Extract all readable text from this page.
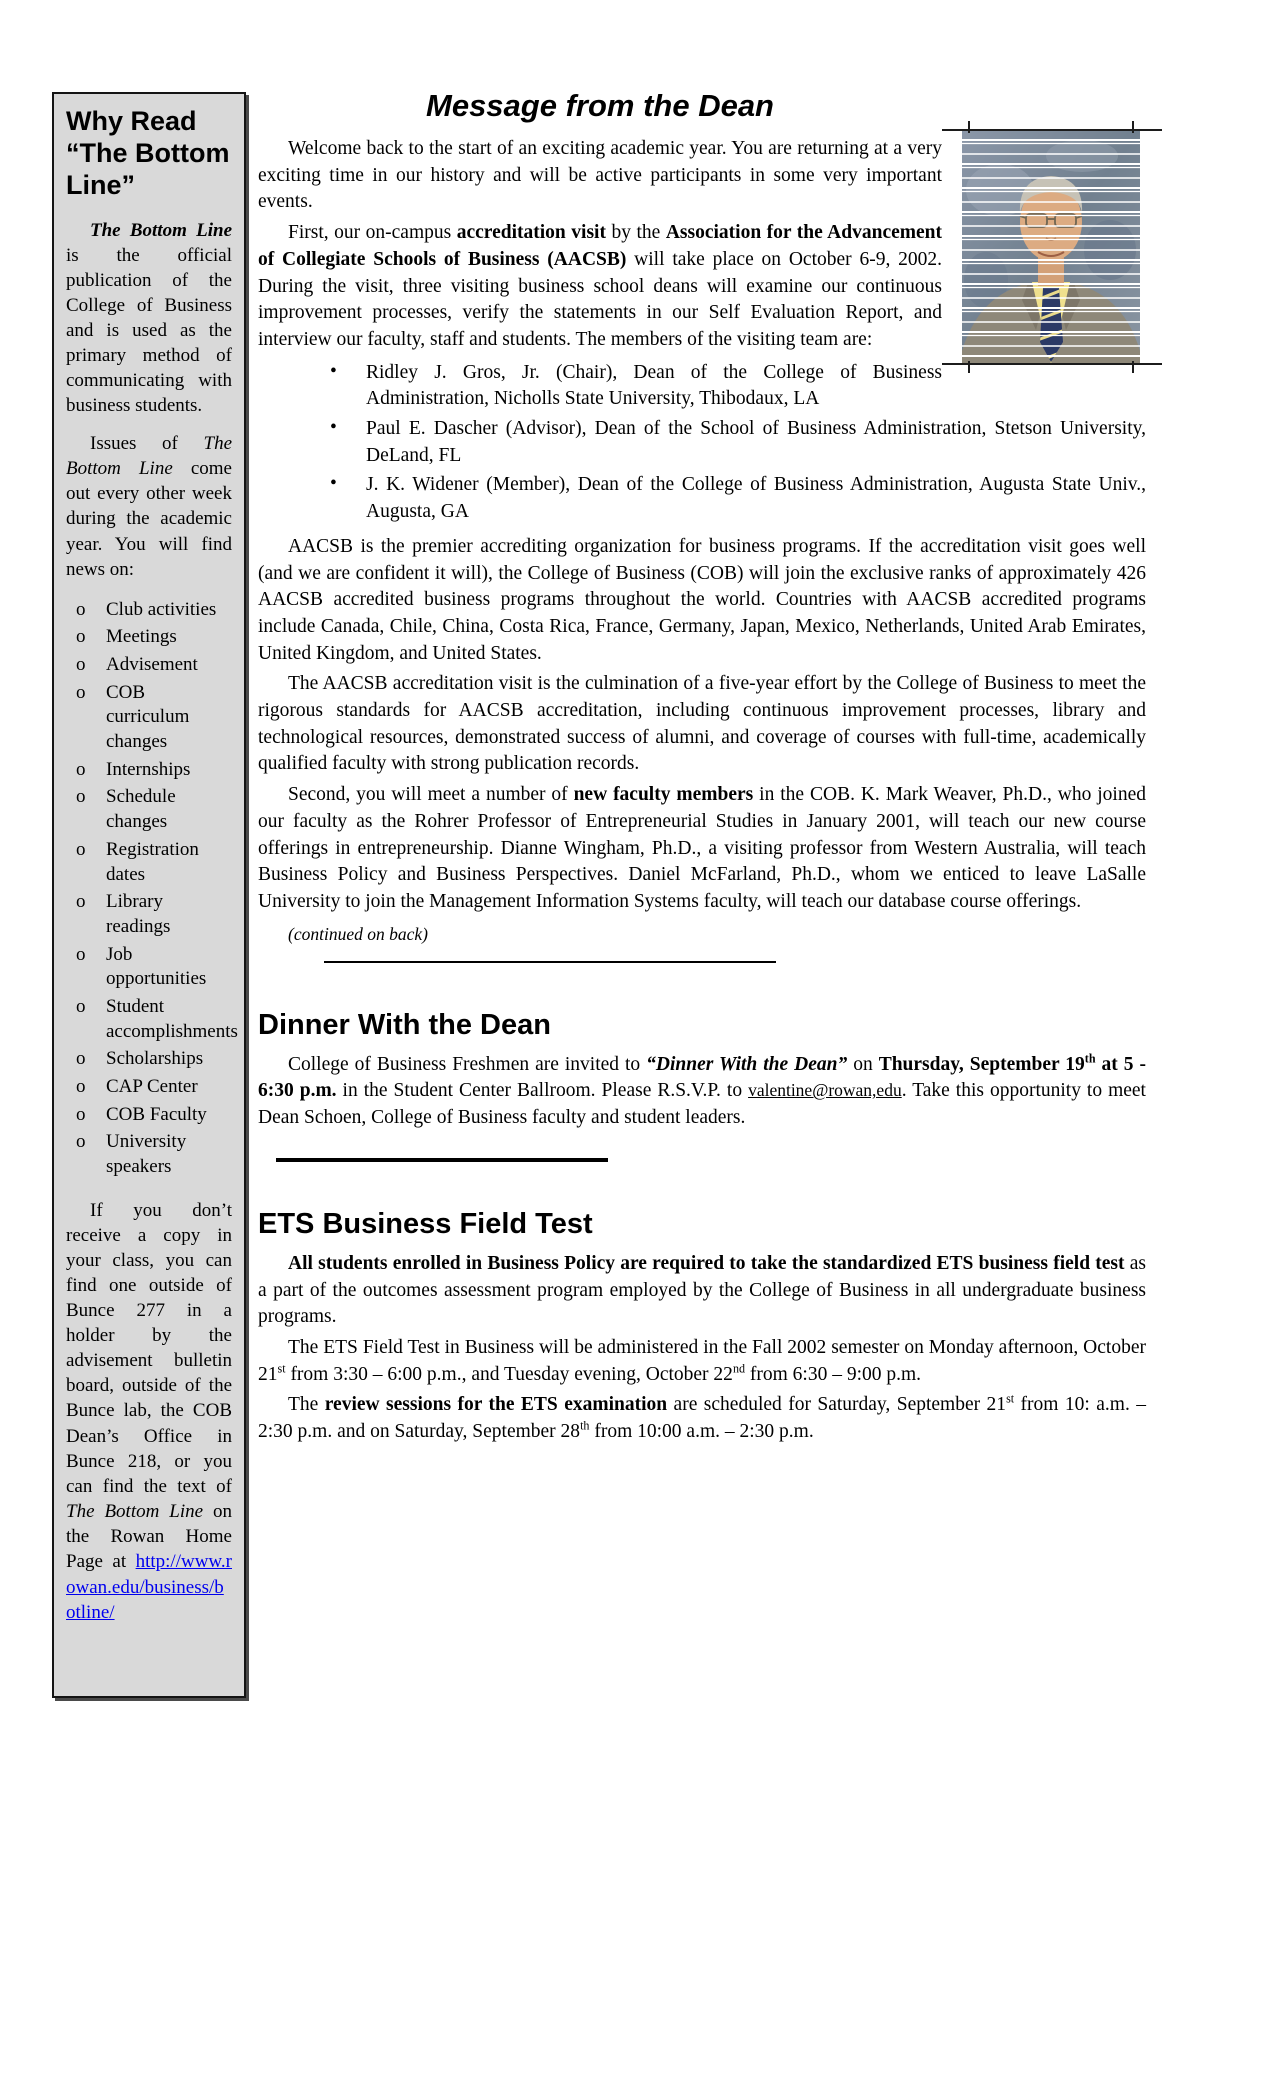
Why Read “The Bottom Line”

The Bottom Line is the official publication of the College of Business and is used as the primary method of communicating with business students.

Issues of The Bottom Line come out every other week during the academic year. You will find news on:

o Club activities
o Meetings
o Advisement
o COB curriculum changes
o Internships
o Schedule changes
o Registration dates
o Library readings
o Job opportunities
o Student accomplishments
o Scholarships
o CAP Center
o COB Faculty
o University speakers

If you don’t receive a copy in your class, you can find one outside of Bunce 277 in a holder by the advisement bulletin board, outside of the Bunce lab, the COB Dean’s Office in Bunce 218, or you can find the text of The Bottom Line on the Rowan Home Page at http://www.rowan.edu/business/botline/

Message from the Dean

Welcome back to the start of an exciting academic year. You are returning at a very exciting time in our history and will be active participants in some very important events.

First, our on-campus accreditation visit by the Association for the Advancement of Collegiate Schools of Business (AACSB) will take place on October 6-9, 2002. During the visit, three visiting business school deans will examine our continuous improvement processes, verify the statements in our Self Evaluation Report, and interview our faculty, staff and students. The members of the visiting team are:

• Ridley J. Gros, Jr. (Chair), Dean of the College of Business Administration, Nicholls State University, Thibodaux, LA
• Paul E. Dascher (Advisor), Dean of the School of Business Administration, Stetson University, DeLand, FL
• J. K. Widener (Member), Dean of the College of Business Administration, Augusta State Univ., Augusta, GA

AACSB is the premier accrediting organization for business programs. If the accreditation visit goes well (and we are confident it will), the College of Business (COB) will join the exclusive ranks of approximately 426 AACSB accredited business programs throughout the world. Countries with AACSB accredited programs include Canada, Chile, China, Costa Rica, France, Germany, Japan, Mexico, Netherlands, United Arab Emirates, United Kingdom, and United States.

The AACSB accreditation visit is the culmination of a five-year effort by the College of Business to meet the rigorous standards for AACSB accreditation, including continuous improvement processes, library and technological resources, demonstrated success of alumni, and coverage of courses with full-time, academically qualified faculty with strong publication records.

Second, you will meet a number of new faculty members in the COB. K. Mark Weaver, Ph.D., who joined our faculty as the Rohrer Professor of Entrepreneurial Studies in January 2001, will teach our new course offerings in entrepreneurship. Dianne Wingham, Ph.D., a visiting professor from Western Australia, will teach Business Policy and Business Perspectives. Daniel McFarland, Ph.D., whom we enticed to leave LaSalle University to join the Management Information Systems faculty, will teach our database course offerings.

(continued on back)

Dinner With the Dean

College of Business Freshmen are invited to “Dinner With the Dean” on Thursday, September 19th at 5 - 6:30 p.m. in the Student Center Ballroom. Please R.S.V.P. to valentine@rowan,edu. Take this opportunity to meet Dean Schoen, College of Business faculty and student leaders.

ETS Business Field Test

All students enrolled in Business Policy are required to take the standardized ETS business field test as a part of the outcomes assessment program employed by the College of Business in all undergraduate business programs.

The ETS Field Test in Business will be administered in the Fall 2002 semester on Monday afternoon, October 21st from 3:30 – 6:00 p.m., and Tuesday evening, October 22nd from 6:30 – 9:00 p.m.

The review sessions for the ETS examination are scheduled for Saturday, September 21st from 10: a.m. – 2:30 p.m. and on Saturday, September 28th from 10:00 a.m. – 2:30 p.m.
